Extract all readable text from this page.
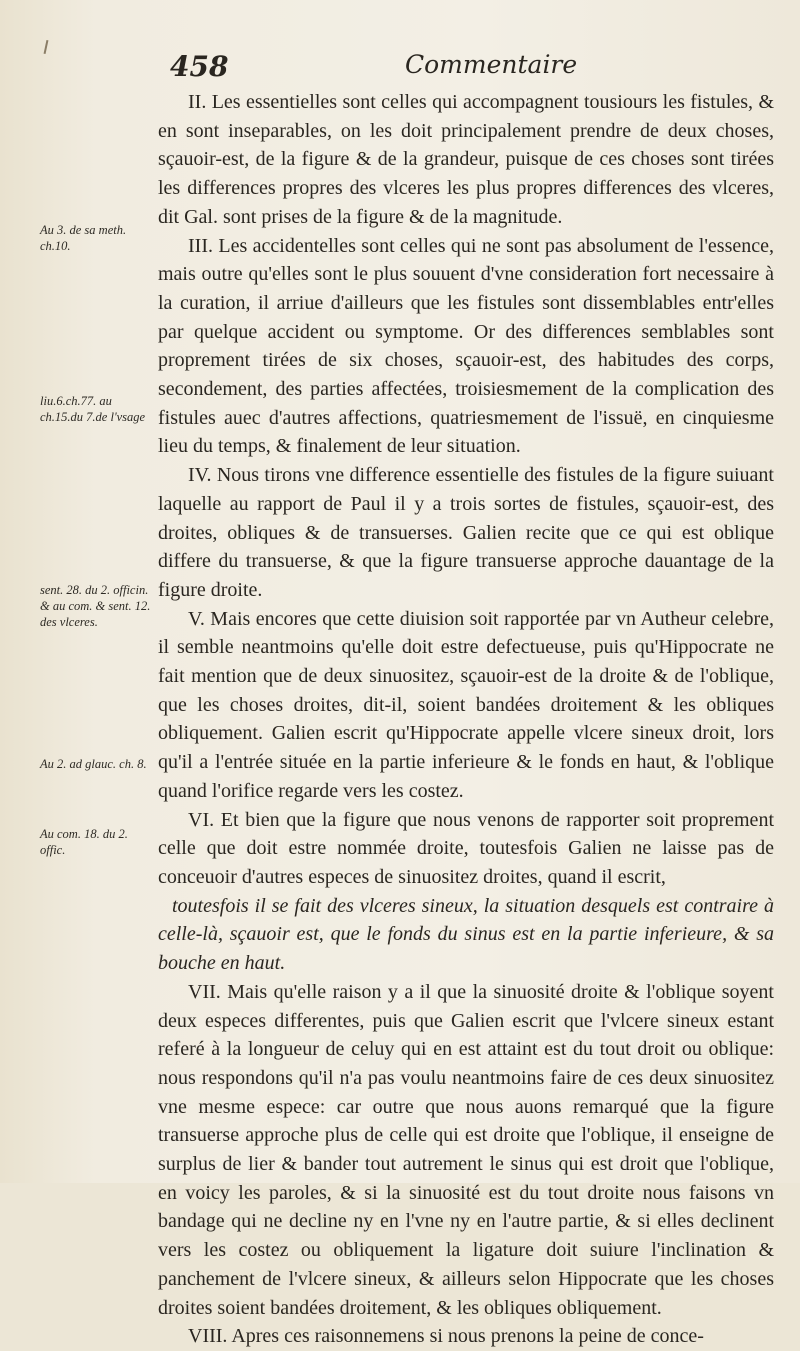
458	Commentaire
Au 3. de sa meth. ch.10.
liu.6.ch.77. au ch.15.du 7.de l'vsage
sent. 28. du 2. officin. & au com. & sent. 12. des vlceres.
Au 2. ad glauc. ch. 8.
Au com. 18. du 2. offic.

II. Les essentielles sont celles qui accompagnent tousiours les fistules, & en sont inseparables, on les doit principalement prendre de deux choses, sçauoir-est, de la figure & de la grandeur, puisque de ces choses sont tirées les differences propres des vlceres les plus propres differences des vlceres, dit Gal. sont prises de la figure & de la magnitude.

III. Les accidentelles sont celles qui ne sont pas absolument de l'essence, mais outre qu'elles sont le plus souuent d'vne consideration fort necessaire à la curation, il arriue d'ailleurs que les fistules sont dissemblables entr'elles par quelque accident ou symptome. Or des differences semblables sont proprement tirées de six choses, sçauoir-est, des habitudes des corps, secondement, des parties affectées, troisiesmement de la complication des fistules auec d'autres affections, quatriesmement de l'issuë, en cinquiesme lieu du temps, & finalement de leur situation.

IV. Nous tirons vne difference essentielle des fistules de la figure suiuant laquelle au rapport de Paul il y a trois sortes de fistules, sçauoir-est, des droites, obliques & de transuerses. Galien recite que ce qui est oblique differe du transuerse, & que la figure transuerse approche dauantage de la figure droite.

V. Mais encores que cette diuision soit rapportée par vn Autheur celebre, il semble neantmoins qu'elle doit estre defectueuse, puis qu'Hippocrate ne fait mention que de deux sinuositez, sçauoir-est de la droite & de l'oblique, que les choses droites, dit-il, soient bandées droitement & les obliques obliquement. Galien escrit qu'Hippocrate appelle vlcere sineux droit, lors qu'il a l'entrée située en la partie inferieure & le fonds en haut, & l'oblique quand l'orifice regarde vers les costez.

VI. Et bien que la figure que nous venons de rapporter soit proprement celle que doit estre nommée droite, toutesfois Galien ne laisse pas de conceuoir d'autres especes de sinuositez droites, quand il escrit,

toutesfois il se fait des vlceres sineux, la situation desquels est contraire à celle-là, sçauoir est, que le fonds du sinus est en la partie inferieure, & sa bouche en haut.

VII. Mais qu'elle raison y a il que la sinuosité droite & l'oblique soyent deux especes differentes, puis que Galien escrit que l'vlcere sineux estant referé à la longueur de celuy qui en est attaint est du tout droit ou oblique: nous respondons qu'il n'a pas voulu neantmoins faire de ces deux sinuositez vne mesme espece: car outre que nous auons remarqué que la figure transuerse approche plus de celle qui est droite que l'oblique, il enseigne de surplus de lier & bander tout autrement le sinus qui est droit que l'oblique, en voicy les paroles, & si la sinuosité est du tout droite nous faisons vn bandage qui ne decline ny en l'vne ny en l'autre partie, & si elles declinent vers les costez ou obliquement la ligature doit suiure l'inclination & panchement de l'vlcere sineux, & ailleurs selon Hippocrate que les choses droites soient bandées droitement, & les obliques obliquement.

VIII. Apres ces raisonnemens si nous prenons la peine de conce-
